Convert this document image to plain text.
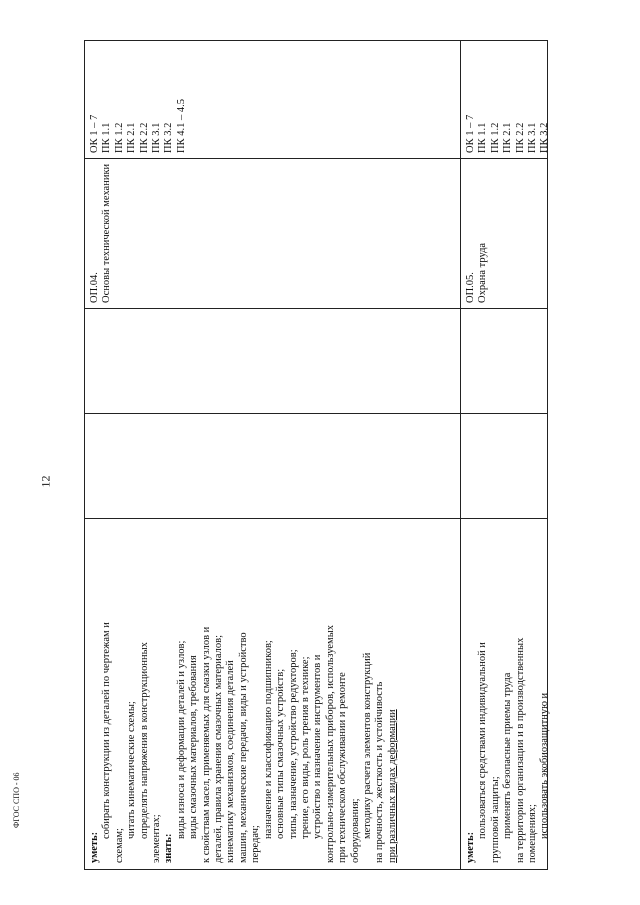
12
ФГОС СПО - 06

уметь:

собирать конструкции из деталей по чертежам и

схемам;

читать кинематические схемы; определять напряжения в конструкционных элементах; знать:

виды износа и деформации деталей и узлов; виды смазочных материалов, требования к свойствам масел, применяемых для смазки узлов и деталей, правила хранения смазочных материалов; кинематику механизмов, соединения деталей машин, механические передачи, виды и устройство передач;

назначение и классификацию подшипников; основные типы смазочных устройств; типы, назначение, устройство редукторов; трение, его виды, роль трения в технике; устройство и назначение инструментов и контрольно-измерительных приборов, используемых при техническом обслуживании и ремонте оборудования; методику расчета элементов конструкций на прочность, жесткость и устойчивость при различных видах деформации

ОП.04. Основы технической механики

ОК 1 – 7 ПК 1.1 ПК 1.2 ПК 2.1 ПК 2.2 ПК 3.1 ПК 3.2 ПК 4.1 – 4.5

уметь:

пользоваться средствами индивидуальной и групповой защиты; применять безопасные приемы труда на территории организации и в производственных помещениях; использовать экобиозащитную и

ОП.05. Охрана труда

ОК 1 – 7 ПК 1.1 ПК 1.2 ПК 2.1 ПК 2.2 ПК 3.1 ПК 3.2
